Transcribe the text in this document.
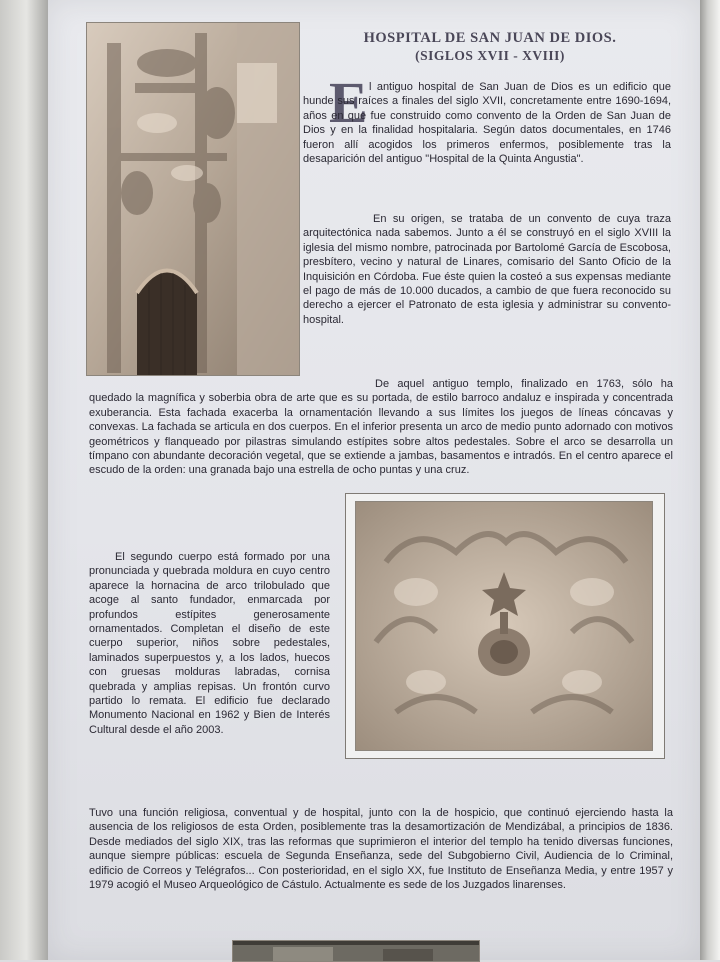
HOSPITAL DE SAN JUAN DE DIOS.
(SIGLOS XVII - XVIII)
E l antiguo hospital de San Juan de Dios es un edificio que hunde sus raíces a finales del siglo XVII, concretamente entre 1690-1694, años en que fue construido como convento de la Orden de San Juan de Dios y en la finalidad hospitalaria. Según datos documentales, en 1746 fueron allí acogidos los primeros enfermos, posiblemente tras la desaparición del antiguo "Hospital de la Quinta Angustia".

En su origen, se trataba de un convento de cuya traza arquitectónica nada sabemos. Junto a él se construyó en el siglo XVIII la iglesia del mismo nombre, patrocinada por Bartolomé García de Escobosa, presbítero, vecino y natural de Linares, comisario del Santo Oficio de la Inquisición en Córdoba. Fue éste quien la costeó a sus expensas mediante el pago de más de 10.000 ducados, a cambio de que fuera reconocido su derecho a ejercer el Patronato de esta iglesia y administrar su convento-hospital.

De aquel antiguo templo, finalizado en 1763, sólo ha quedado la magnífica y soberbia obra de arte que es su portada, de estilo barroco andaluz e inspirada y concentrada exuberancia. Esta fachada exacerba la ornamentación llevando a sus límites los juegos de líneas cóncavas y convexas. La fachada se articula en dos cuerpos. En el inferior presenta un arco de medio punto adornado con motivos geométricos y flanqueado por pilastras simulando estípites sobre altos pedestales. Sobre el arco se desarrolla un tímpano con abundante decoración vegetal, que se extiende a jambas, basamentos e intradós. En el centro aparece el escudo de la orden: una granada bajo una estrella de ocho puntas y una cruz.

El segundo cuerpo está formado por una pronunciada y quebrada moldura en cuyo centro aparece la hornacina de arco trilobulado que acoge al santo fundador, enmarcada por profundos estípites generosamente ornamentados. Completan el diseño de este cuerpo superior, niños sobre pedestales, laminados superpuestos y, a los lados, huecos con gruesas molduras labradas, cornisa quebrada y amplias repisas. Un frontón curvo partido lo remata. El edificio fue declarado Monumento Nacional en 1962 y Bien de Interés Cultural desde el año 2003.

Tuvo una función religiosa, conventual y de hospital, junto con la de hospicio, que continuó ejerciendo hasta la ausencia de los religiosos de esta Orden, posiblemente tras la desamortización de Mendizábal, a principios de 1836. Desde mediados del siglo XIX, tras las reformas que suprimieron el interior del templo ha tenido diversas funciones, aunque siempre públicas: escuela de Segunda Enseñanza, sede del Subgobierno Civil, Audiencia de lo Criminal, edificio de Correos y Telégrafos... Con posterioridad, en el siglo XX, fue Instituto de Enseñanza Media, y entre 1957 y 1979 acogió el Museo Arqueológico de Cástulo. Actualmente es sede de los Juzgados linarenses.
